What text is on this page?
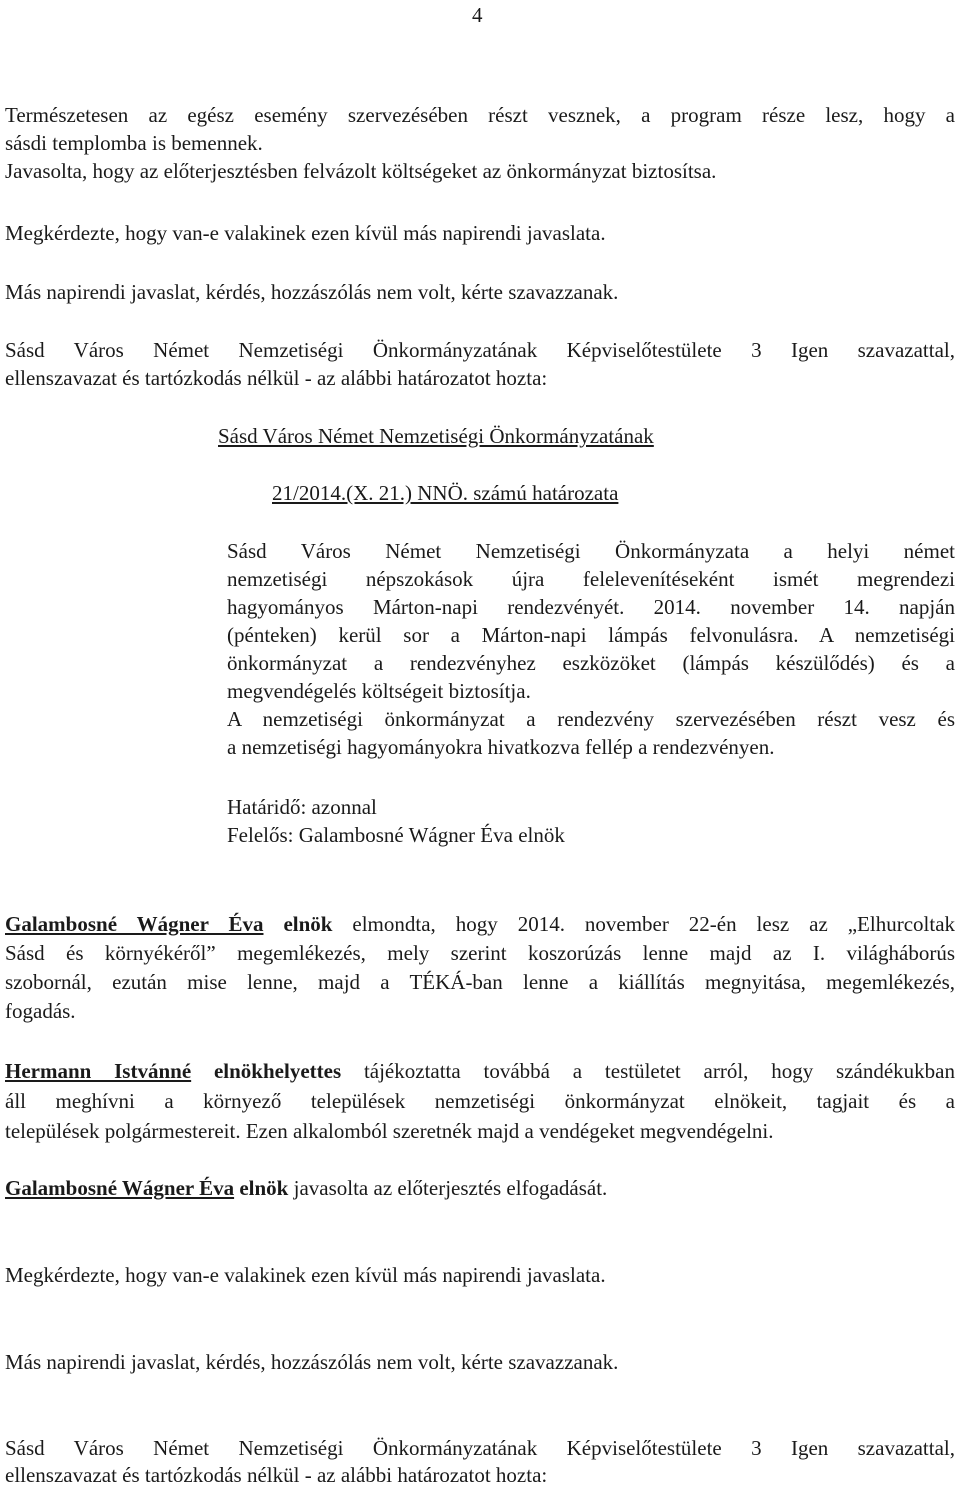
4
Természetesen az egész esemény szervezésében részt vesznek, a program része lesz, hogy a
sásdi templomba is bemennek.
Javasolta, hogy az előterjesztésben felvázolt költségeket az önkormányzat biztosítsa.
Megkérdezte, hogy van-e valakinek ezen kívül más napirendi javaslata.
Más napirendi javaslat, kérdés, hozzászólás nem volt, kérte szavazzanak.
Sásd Város Német Nemzetiségi Önkormányzatának Képviselőtestülete 3 Igen szavazattal,
ellenszavazat és tartózkodás nélkül - az alábbi határozatot hozta:
Sásd Város Német Nemzetiségi Önkormányzatának
21/2014.(X. 21.) NNÖ. számú határozata
Sásd Város Német Nemzetiségi Önkormányzata a helyi német
nemzetiségi népszokások újra felelevenítéseként ismét megrendezi
hagyományos Márton-napi rendezvényét. 2014. november 14. napján
(pénteken) kerül sor a Márton-napi lámpás felvonulásra. A nemzetiségi
önkormányzat a rendezvényhez eszközöket (lámpás készülődés) és a
megvendégelés költségeit biztosítja.
A nemzetiségi önkormányzat a rendezvény szervezésében részt vesz és
a nemzetiségi hagyományokra hivatkozva fellép a rendezvényen.
Határidő: azonnal
Felelős: Galambosné Wágner Éva elnök
Galambosné Wágner Éva elnök elmondta, hogy 2014. november 22-én lesz az „Elhurcoltak
Sásd és környékéről” megemlékezés, mely szerint koszorúzás lenne majd az I. világháborús
szobornál, ezután mise lenne, majd a TÉKÁ-ban lenne a kiállítás megnyitása, megemlékezés,
fogadás.
Hermann Istvánné elnökhelyettes tájékoztatta továbbá a testületet arról, hogy szándékukban
áll meghívni a környező települések nemzetiségi önkormányzat elnökeit, tagjait és a
települések polgármestereit. Ezen alkalomból szeretnék majd a vendégeket megvendégelni.
Galambosné Wágner Éva elnök javasolta az előterjesztés elfogadását.
Megkérdezte, hogy van-e valakinek ezen kívül más napirendi javaslata.
Más napirendi javaslat, kérdés, hozzászólás nem volt, kérte szavazzanak.
Sásd Város Német Nemzetiségi Önkormányzatának Képviselőtestülete 3 Igen szavazattal,
ellenszavazat és tartózkodás nélkül - az alábbi határozatot hozta:
